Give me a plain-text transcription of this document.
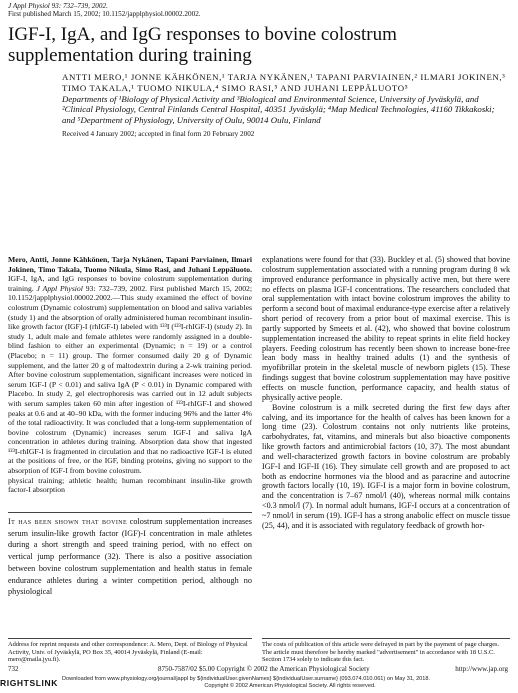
J Appl Physiol 93: 732–739, 2002.
First published March 15, 2002; 10.1152/japplphysiol.00002.2002.
IGF-I, IgA, and IgG responses to bovine colostrum supplementation during training
ANTTI MERO,¹ JONNE KÄHKÖNEN,¹ TARJA NYKÄNEN,¹ TAPANI PARVIAINEN,² ILMARI JOKINEN,³ TIMO TAKALA,¹ TUOMO NIKULA,⁴ SIMO RASI,⁵ AND JUHANI LEPPÄLUOTO⁵
Departments of ¹Biology of Physical Activity and ³Biological and Environmental Science, University of Jyväskylä, and ²Clinical Physiology, Central Finlands Central Hospital, 40351 Jyväskylä; ⁴Map Medical Technologies, 41160 Tikkakoski; and ⁵Department of Physiology, University of Oulu, 90014 Oulu, Finland
Received 4 January 2002; accepted in final form 20 February 2002

Mero, Antti, Jonne Kähkönen, Tarja Nykänen, Tapani Parviainen, Ilmari Jokinen, Timo Takala, Tuomo Nikula, Simo Rasi, and Juhani Leppäluoto. IGF-I, IgA, and IgG responses to bovine colostrum supplementation during training. J Appl Physiol 93: 732–739, 2002. First published March 15, 2002; 10.1152/japplphysiol.00002.2002.—This study examined the effect of bovine colostrum (Dynamic colostrum) supplementation on blood and saliva variables (study 1) and the absorption of orally administered human recombinant insulin-like growth factor (IGF)-I (rhIGF-I) labeled with ¹²³I (¹²³I-rhIGF-I) (study 2). In study 1, adult male and female athletes were randomly assigned in a double-blind fashion to either an experimental (Dynamic; n = 19) or a control (Placebo; n = 11) group. The former consumed daily 20 g of Dynamic supplement, and the latter 20 g of maltodextrin during a 2-wk training period. After bovine colostrum supplementation, significant increases were noticed in serum IGF-I (P < 0.01) and saliva IgA (P < 0.01) in Dynamic compared with Placebo. In study 2, gel electrophoresis was carried out in 12 adult subjects with serum samples taken 60 min after ingestion of ¹²³I-rhIGF-I and showed peaks at 0.6 and at 40–90 kDa, with the former inducing 96% and the latter 4% of the total radioactivity. It was concluded that a long-term supplementation of bovine colostrum (Dynamic) increases serum IGF-I and saliva IgA concentration in athletes during training. Absorption data show that ingested ¹²³I-rhIGF-I is fragmented in circulation and that no radioactive IGF-I is eluted at the positions of free, or the IGF, binding proteins, giving no support to the absorption of IGF-I from bovine colostrum.

physical training; athletic health; human recombinant insulin-like growth factor-I absorption

It has been shown that bovine colostrum supplementation increases serum insulin-like growth factor (IGF)-I concentration in male athletes during a short strength and speed training period, with no effect on vertical jump performance (32). There is also a positive association between bovine colostrum supplementation and health status in female endurance athletes during a winter competition period, although no physiological

explanations were found for that (33). Buckley et al. (5) showed that bovine colostrum supplementation associated with a running program during 8 wk improved endurance performance in physically active men, but there were no effects on plasma IGF-I concentrations. The researchers concluded that oral supplementation with intact bovine colostrum improves the ability to perform a second bout of maximal endurance-type exercise after a relatively short period of recovery from a prior bout of maximal exercise. This is partly supported by Smeets et al. (42), who showed that bovine colostrum supplementation increased the ability to repeat sprints in elite field hockey players. Feeding colostrum has recently been shown to increase bone-free lean body mass in healthy trained adults (1) and the synthesis of myofibrillar protein in the skeletal muscle of newborn piglets (15). These findings suggest that bovine colostrum supplementation may have positive effects on muscle function, performance capacity, and health status of physically active people.

Bovine colostrum is a milk secreted during the first few days after calving, and its importance for the health of calves has been known for a long time (23). Colostrum contains not only nutrients like proteins, carbohydrates, fat, vitamins, and minerals but also bioactive components like growth factors and antimicrobial factors (10, 37). The most abundant and well-characterized growth factors in bovine colostrum are probably IGF-I and IGF-II (16). They simulate cell growth and are proposed to act both as endocrine hormones via the blood and as paracrine and autocrine growth factors locally (10, 19). IGF-I is a major form in bovine colostrum, and the concentration is 7–67 nmol/l (40), whereas normal milk contains <0.3 nmol/l (7). In normal adult humans, IGF-I occurs at a concentration of ~7 nmol/l in serum (19). IGF-I has a strong anabolic effect on muscle tissue (25, 44), and it is associated with regulatory feedback of growth hor-

Address for reprint requests and other correspondence: A. Mero, Dept. of Biology of Physical Activity, Univ. of Jyväskylä, PO Box 35, 40014 Jyväskylä, Finland (E-mail: mero@maila.jyu.fi).
The costs of publication of this article were defrayed in part by the payment of page charges. The article must therefore be hereby marked "advertisement" in accordance with 18 U.S.C. Section 1734 solely to indicate this fact.
732	8750-7587/02 $5.00 Copyright © 2002 the American Physiological Society	http://www.jap.org
RIGHTSLINK Downloaded from www.physiology.org/journal/jappl by ${individualUser.givenNames} ${individualUser.surname} (093.074.010.061) on May 31, 2018.
Copyright © 2002 American Physiological Society. All rights reserved.
